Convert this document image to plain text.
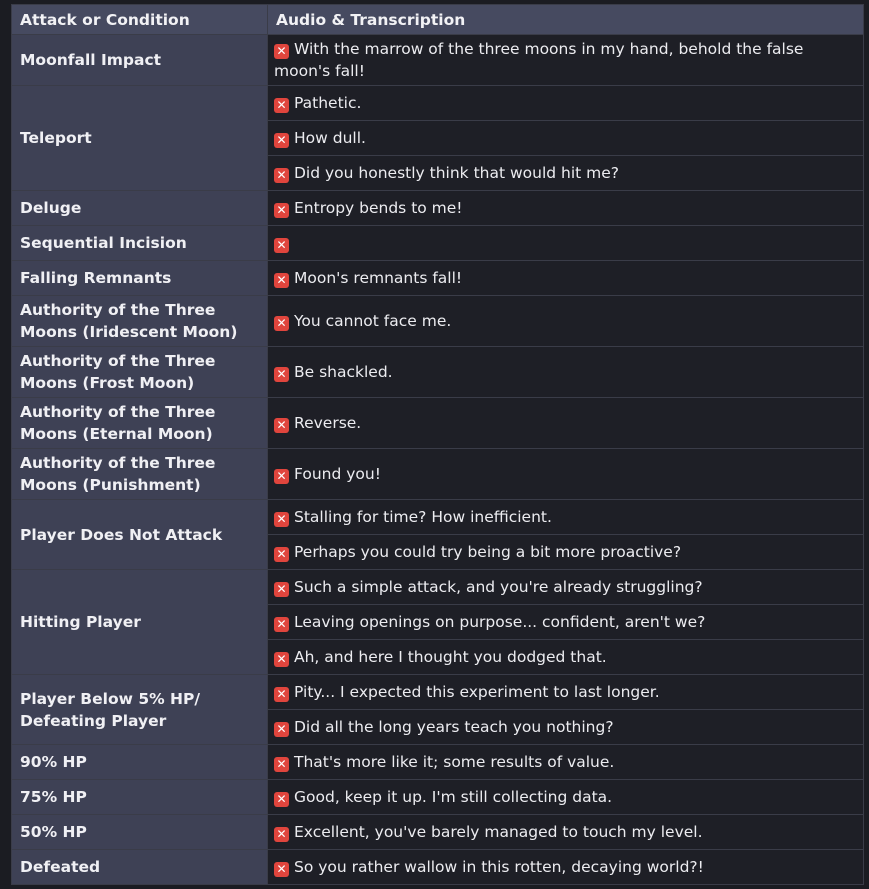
Attack or Condition	Audio & Transcription
Moonfall Impact	✕ With the marrow of the three moons in my hand, behold the false moon's fall!
Teleport	✕ Pathetic.
	✕ How dull.
	✕ Did you honestly think that would hit me?
Deluge	✕ Entropy bends to me!
Sequential Incision	✕
Falling Remnants	✕ Moon's remnants fall!
Authority of the Three Moons (Iridescent Moon)	✕ You cannot face me.
Authority of the Three Moons (Frost Moon)	✕ Be shackled.
Authority of the Three Moons (Eternal Moon)	✕ Reverse.
Authority of the Three Moons (Punishment)	✕ Found you!
Player Does Not Attack	✕ Stalling for time? How inefficient.
	✕ Perhaps you could try being a bit more proactive?
Hitting Player	✕ Such a simple attack, and you're already struggling?
	✕ Leaving openings on purpose... confident, aren't we?
	✕ Ah, and here I thought you dodged that.
Player Below 5% HP/ Defeating Player	✕ Pity... I expected this experiment to last longer.
	✕ Did all the long years teach you nothing?
90% HP	✕ That's more like it; some results of value.
75% HP	✕ Good, keep it up. I'm still collecting data.
50% HP	✕ Excellent, you've barely managed to touch my level.
Defeated	✕ So you rather wallow in this rotten, decaying world?!
